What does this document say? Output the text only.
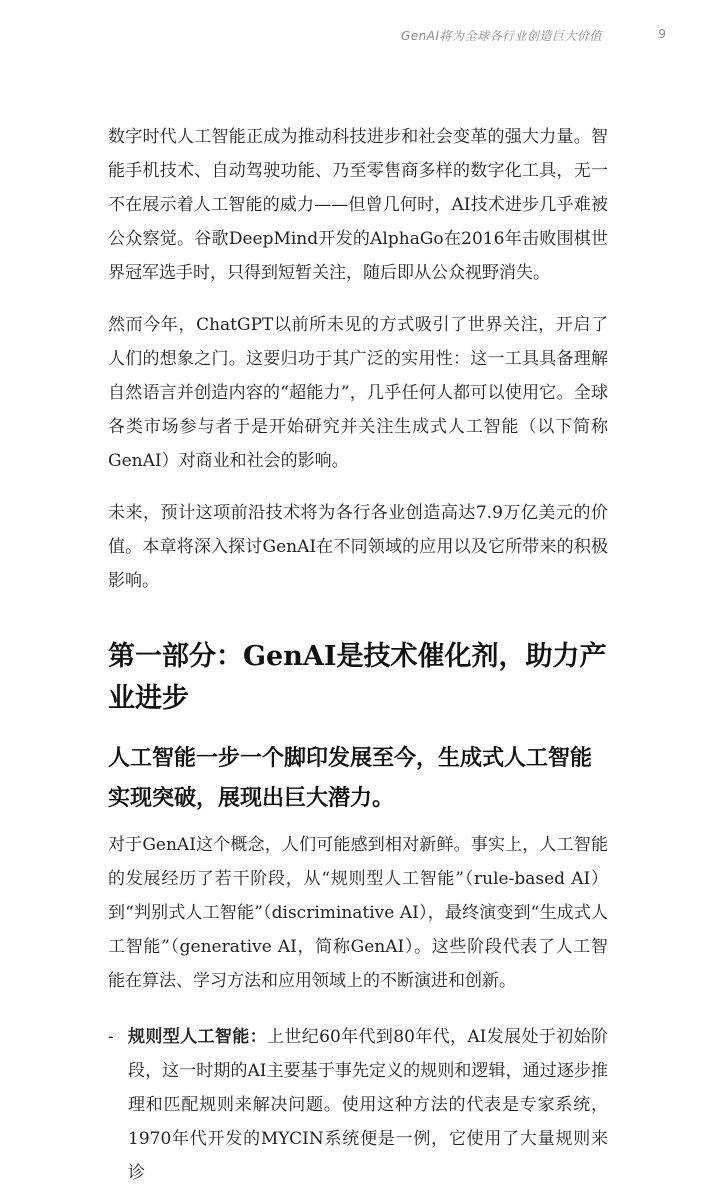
GenAI将为全球各行业创造巨大价值	9

数字时代人工智能正成为推动科技进步和社会变革的强大力量。智能手机技术、自动驾驶功能、乃至零售商多样的数字化工具，无一不在展示着人工智能的威力——但曾几何时，AI技术进步几乎难被公众察觉。谷歌DeepMind开发的AlphaGo在2016年击败围棋世界冠军选手时，只得到短暂关注，随后即从公众视野消失。

然而今年，ChatGPT以前所未见的方式吸引了世界关注，开启了人们的想象之门。这要归功于其广泛的实用性：这一工具具备理解自然语言并创造内容的“超能力”，几乎任何人都可以使用它。全球各类市场参与者于是开始研究并关注生成式人工智能（以下简称GenAI）对商业和社会的影响。

未来，预计这项前沿技术将为各行各业创造高达7.9万亿美元的价值。本章将深入探讨GenAI在不同领域的应用以及它所带来的积极影响。

第一部分：GenAI是技术催化剂，助力产业进步
人工智能一步一个脚印发展至今，生成式人工智能实现突破，展现出巨大潜力。

对于GenAI这个概念，人们可能感到相对新鲜。事实上，人工智能的发展经历了若干阶段，从“规则型人工智能”（rule-based AI）到“判别式人工智能”（discriminative AI），最终演变到“生成式人工智能”（generative AI，简称GenAI）。这些阶段代表了人工智能在算法、学习方法和应用领域上的不断演进和创新。

- 规则型人工智能：上世纪60年代到80年代，AI发展处于初始阶段，这一时期的AI主要基于事先定义的规则和逻辑，通过逐步推理和匹配规则来解决问题。使用这种方法的代表是专家系统，1970年代开发的MYCIN系统便是一例，它使用了大量规则来诊
